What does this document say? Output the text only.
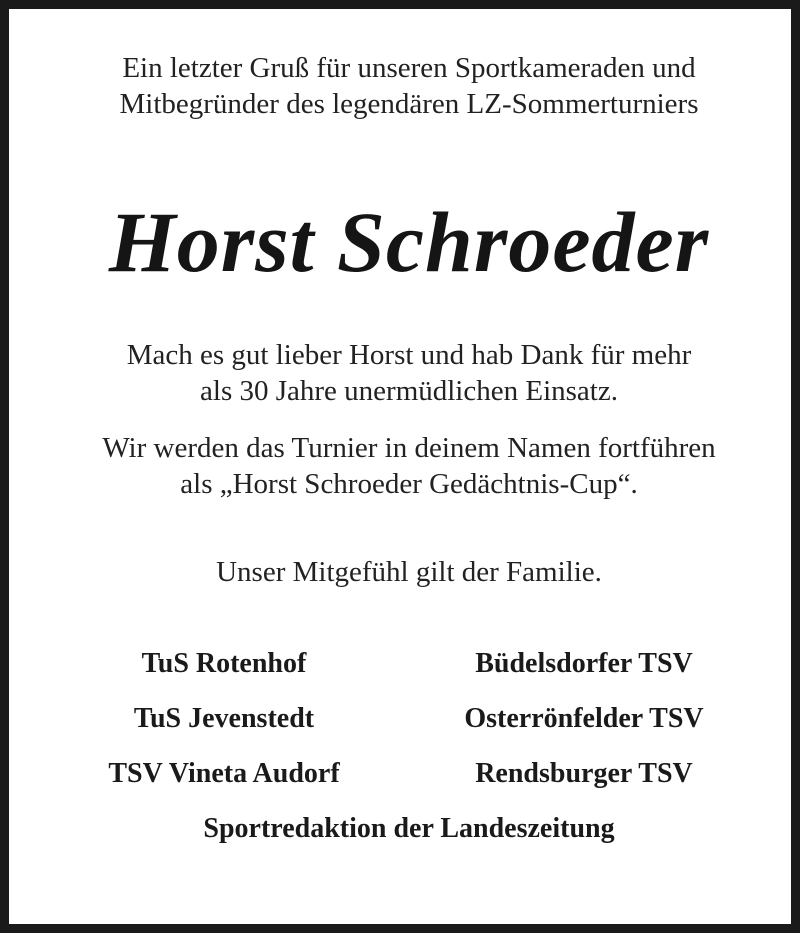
Ein letzter Gruß für unseren Sportkameraden und
Mitbegründer des legendären LZ-Sommerturniers
Horst Schroeder
Mach es gut lieber Horst und hab Dank für mehr
als 30 Jahre unermüdlichen Einsatz.
Wir werden das Turnier in deinem Namen fortführen
als „Horst Schroeder Gedächtnis-Cup“.
Unser Mitgefühl gilt der Familie.
TuS Rotenhof
TuS Jevenstedt
TSV Vineta Audorf
Büdelsdorfer TSV
Osterrönfelder TSV
Rendsburger TSV
Sportredaktion der Landeszeitung
